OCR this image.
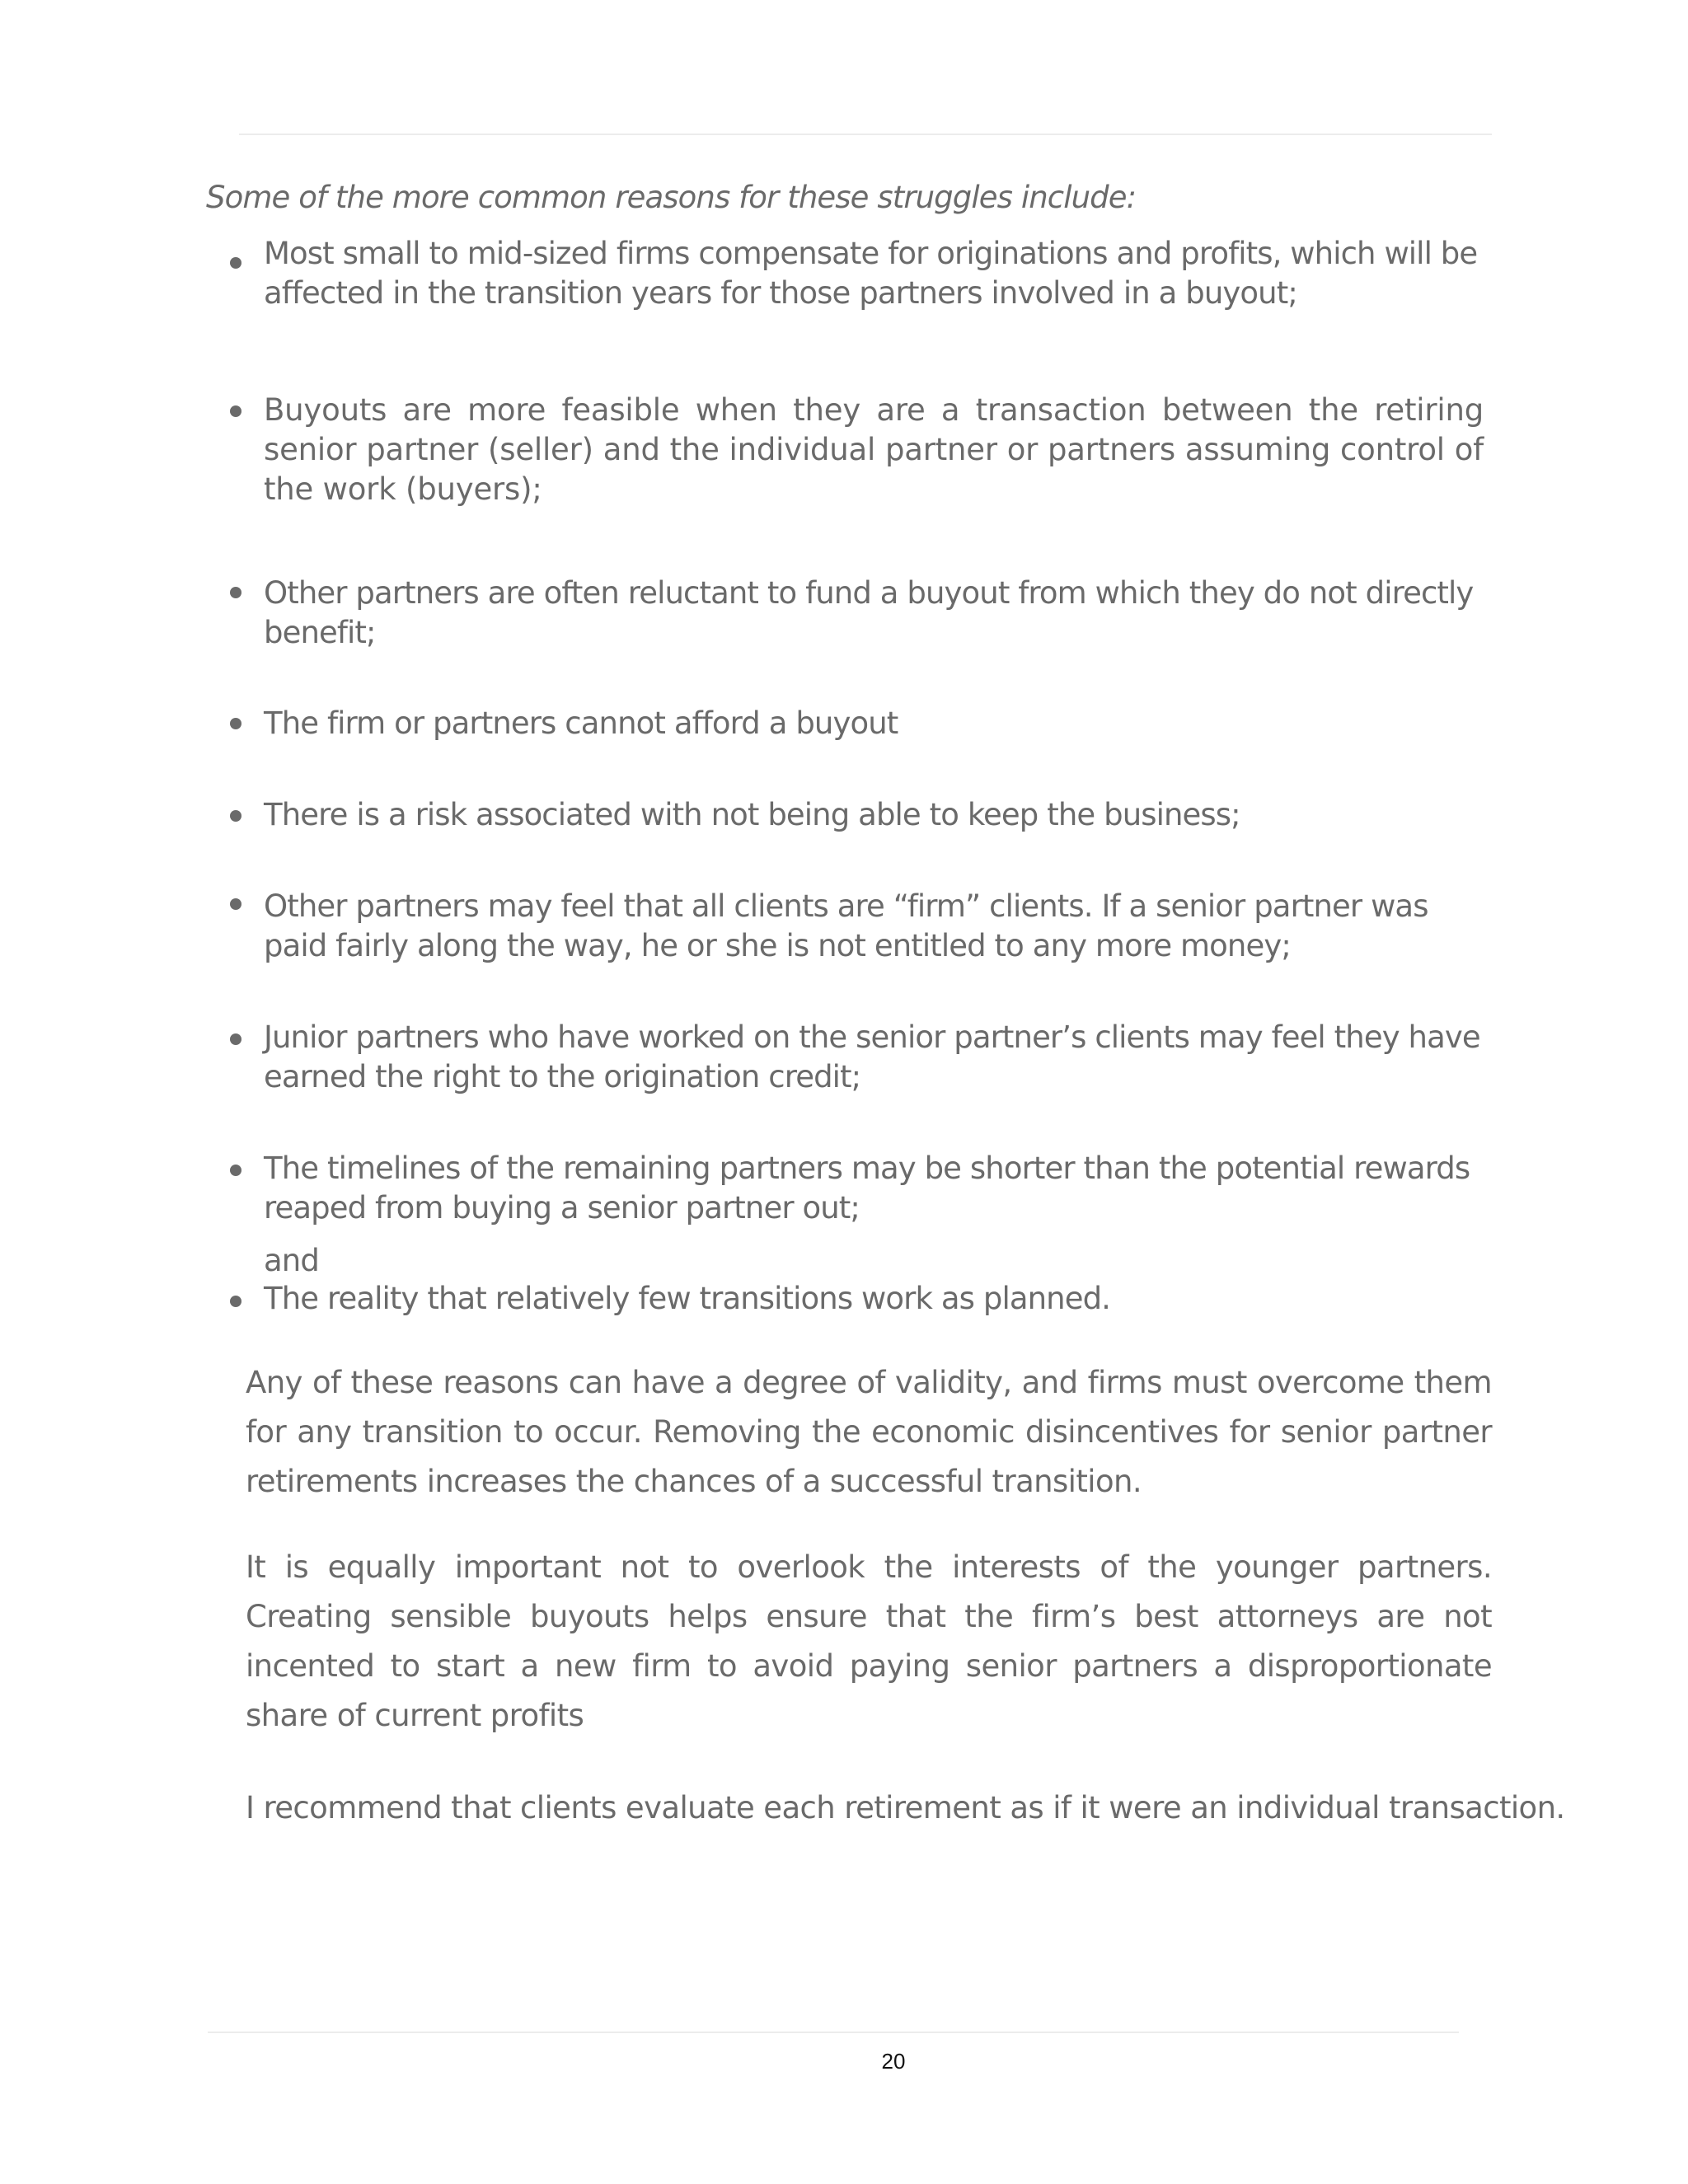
Some of the more common reasons for these struggles include:
Most small to mid-sized firms compensate for originations and profits, which will be affected in the transition years for those partners involved in a buyout;
Buyouts are more feasible when they are a transaction between the retiring senior partner (seller) and the individual partner or partners assuming control of the work (buyers);
Other partners are often reluctant to fund a buyout from which they do not directly benefit;
The firm or partners cannot afford a buyout
There is a risk associated with not being able to keep the business;
Other partners may feel that all clients are “firm” clients. If a senior partner was paid fairly along the way, he or she is not entitled to any more money;
Junior partners who have worked on the senior partner’s clients may feel they have earned the right to the origination credit;
The timelines of the remaining partners may be shorter than the potential rewards reaped from buying a senior partner out;
and
The reality that relatively few transitions work as planned.
Any of these reasons can have a degree of validity, and firms must overcome them for any transition to occur. Removing the economic disincentives for senior partner retirements increases the chances of a successful transition.
It is equally important not to overlook the interests of the younger partners. Creating sensible buyouts helps ensure that the firm’s best attorneys are not incented to start a new firm to avoid paying senior partners a disproportionate share of current profits
I recommend that clients evaluate each retirement as if it were an individual transaction.
20
